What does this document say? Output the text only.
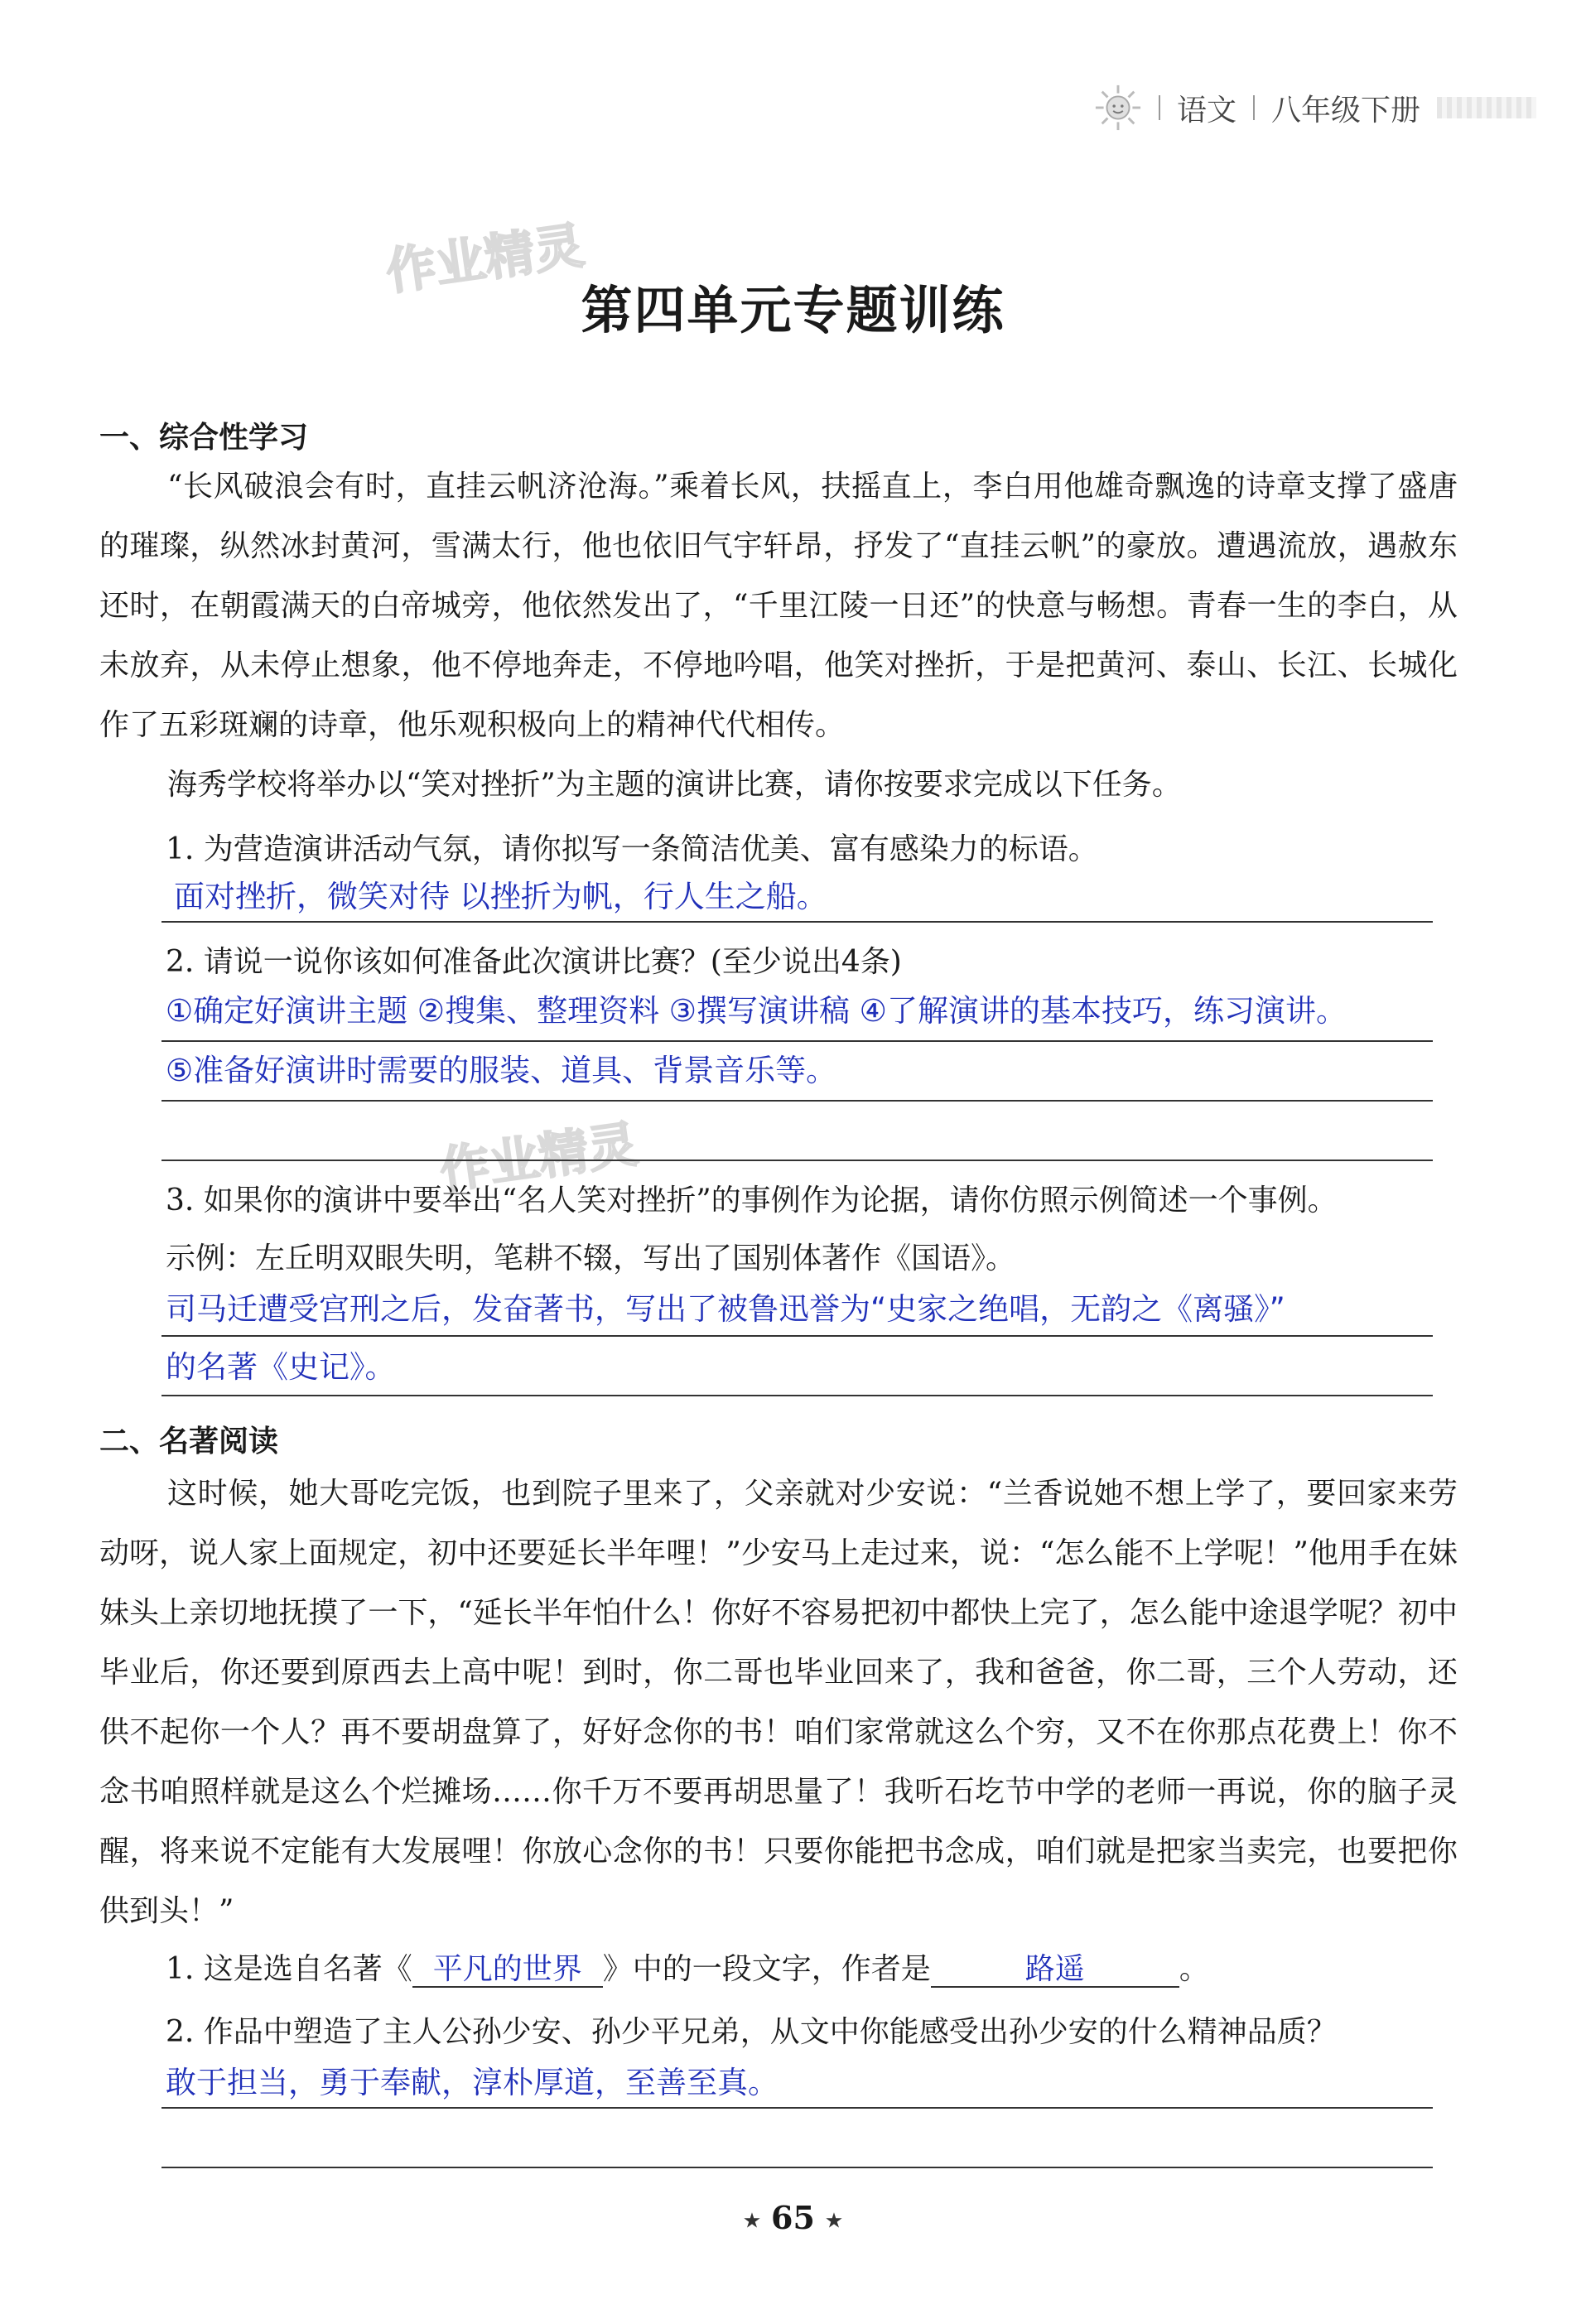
语文 八年级下册
作业精灵
作业精灵
第四单元专题训练
一、综合性学习
“长风破浪会有时，直挂云帆济沧海。”乘着长风，扶摇直上，李白用他雄奇飘逸的诗章支撑了盛唐的璀璨，纵然冰封黄河，雪满太行，他也依旧气宇轩昂，抒发了“直挂云帆”的豪放。遭遇流放，遇赦东还时，在朝霞满天的白帝城旁，他依然发出了，“千里江陵一日还”的快意与畅想。青春一生的李白，从未放弃，从未停止想象，他不停地奔走，不停地吟唱，他笑对挫折，于是把黄河、泰山、长江、长城化作了五彩斑斓的诗章，他乐观积极向上的精神代代相传。
海秀学校将举办以“笑对挫折”为主题的演讲比赛，请你按要求完成以下任务。
1. 为营造演讲活动气氛，请你拟写一条简洁优美、富有感染力的标语。
面对挫折，微笑对待 以挫折为帆，行人生之船。
2. 请说一说你该如何准备此次演讲比赛？(至少说出4条)
①确定好演讲主题 ②搜集、整理资料 ③撰写演讲稿 ④了解演讲的基本技巧，练习演讲。
⑤准备好演讲时需要的服装、道具、背景音乐等。
3. 如果你的演讲中要举出“名人笑对挫折”的事例作为论据，请你仿照示例简述一个事例。
示例：左丘明双眼失明，笔耕不辍，写出了国别体著作《国语》。
司马迁遭受宫刑之后，发奋著书，写出了被鲁迅誉为“史家之绝唱，无韵之《离骚》”
的名著《史记》。
二、名著阅读
这时候，她大哥吃完饭，也到院子里来了，父亲就对少安说：“兰香说她不想上学了，要回家来劳动呀，说人家上面规定，初中还要延长半年哩！”少安马上走过来，说：“怎么能不上学呢！”他用手在妹妹头上亲切地抚摸了一下，“延长半年怕什么！你好不容易把初中都快上完了，怎么能中途退学呢？初中毕业后，你还要到原西去上高中呢！到时，你二哥也毕业回来了，我和爸爸，你二哥，三个人劳动，还供不起你一个人？再不要胡盘算了，好好念你的书！咱们家常就这么个穷，又不在你那点花费上！你不念书咱照样就是这么个烂摊场……你千万不要再胡思量了！我听石圪节中学的老师一再说，你的脑子灵醒，将来说不定能有大发展哩！你放心念你的书！只要你能把书念成，咱们就是把家当卖完，也要把你供到头！”
1. 这是选自名著《 平凡的世界 》中的一段文字，作者是	路遥	。
2. 作品中塑造了主人公孙少安、孙少平兄弟，从文中你能感受出孙少安的什么精神品质？
敢于担当，勇于奉献，淳朴厚道，至善至真。
★ 65 ★
